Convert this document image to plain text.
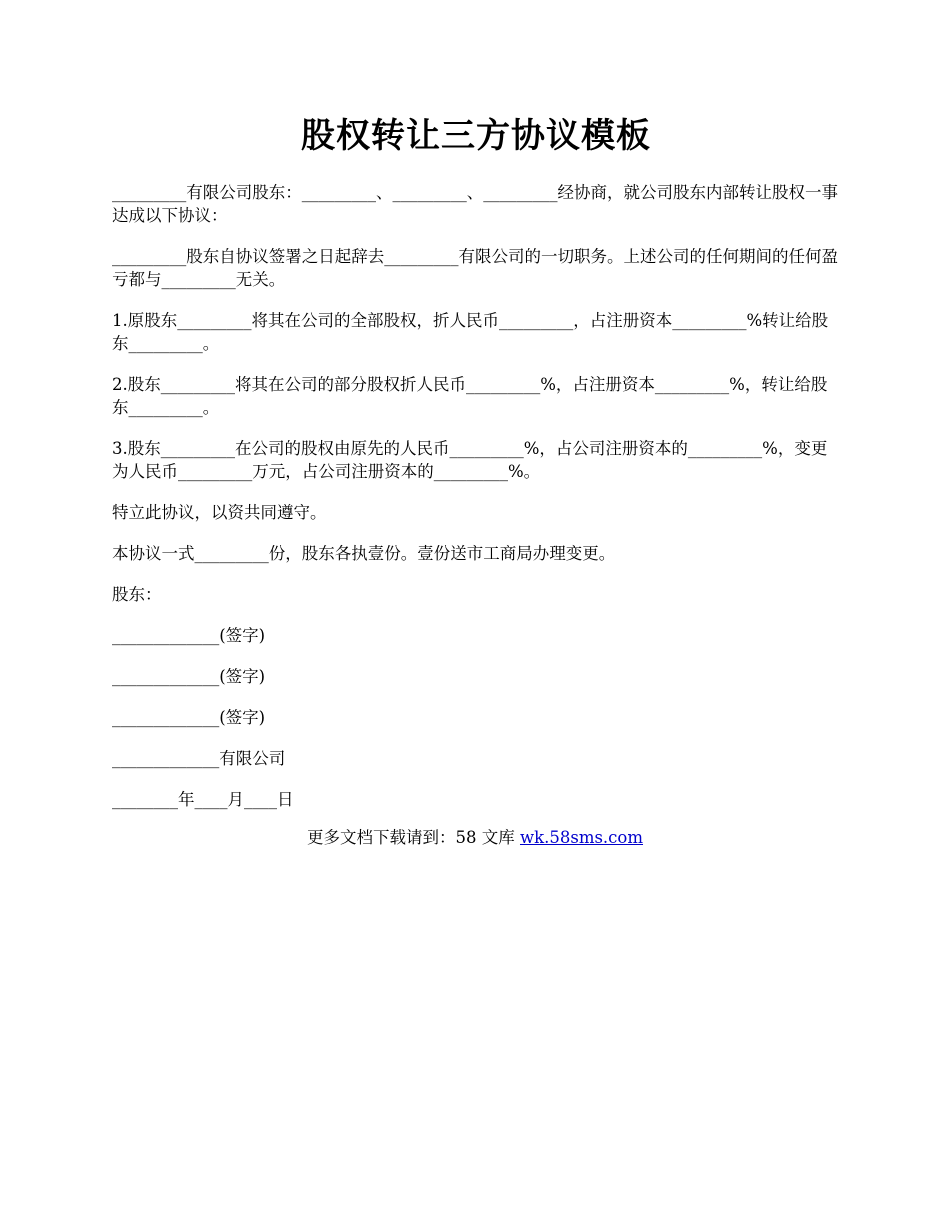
股权转让三方协议模板

_________有限公司股东：_________、_________、_________经协商，就公司股东内部转让股权一事达成以下协议：

_________股东自协议签署之日起辞去_________有限公司的一切职务。上述公司的任何期间的任何盈亏都与_________无关。

1.原股东_________将其在公司的全部股权，折人民币_________，占注册资本_________%转让给股东_________。

2.股东_________将其在公司的部分股权折人民币_________%，占注册资本_________%，转让给股东_________。

3.股东_________在公司的股权由原先的人民币_________%，占公司注册资本的_________%，变更为人民币_________万元，占公司注册资本的_________%。

特立此协议，以资共同遵守。

本协议一式_________份，股东各执壹份。壹份送市工商局办理变更。

股东：

_____________(签字)

_____________(签字)

_____________(签字)

_____________有限公司

________年____月____日

更多文档下载请到：58 文库 wk.58sms.com
